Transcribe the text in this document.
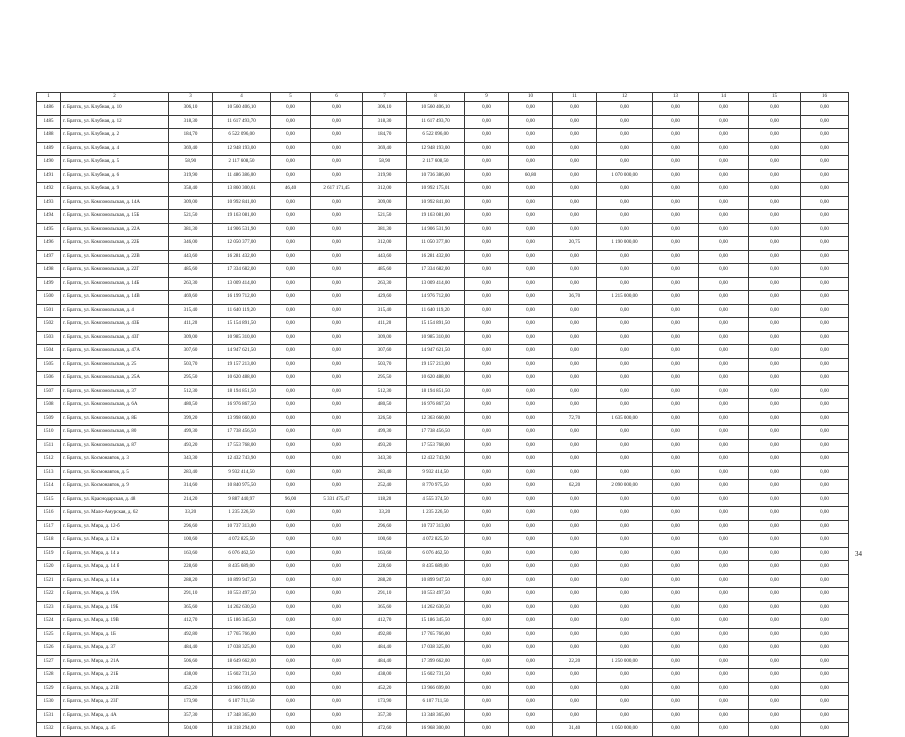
1	2	3	4	5	6	7	8	9	10	11	12	13	14	15	16
1486	г. Братск, ул. Клубная, д. 10	306,10	10 560 406,10	0,00	0,00	306,10	10 560 406,10	0,00	0,00	0,00	0,00	0,00	0,00	0,00	0,00
1485	г. Братск, ул. Клубная, д. 12	318,30	11 617 493,70	0,00	0,00	318,30	11 617 493,70	0,00	0,00	0,00	0,00	0,00	0,00	0,00	0,00
1488	г. Братск, ул. Клубная, д. 2	184,70	6 522 096,00	0,00	0,00	184,70	6 522 096,00	0,00	0,00	0,00	0,00	0,00	0,00	0,00	0,00
1489	г. Братск, ул. Клубная, д. 4	369,40	12 948 193,00	0,00	0,00	369,40	12 948 193,00	0,00	0,00	0,00	0,00	0,00	0,00	0,00	0,00
1490	г. Братск, ул. Клубная, д. 5	58,90	2 117 608,50	0,00	0,00	58,90	2 117 608,50	0,00	0,00	0,00	0,00	0,00	0,00	0,00	0,00
1491	г. Братск, ул. Клубная, д. 6	319,90	11 486 386,00	0,00	0,00	319,90	10 736 386,00	0,00	60,80	0,00	1 070 000,00	0,00	0,00	0,00	0,00
1492	г. Братск, ул. Клубная, д. 9	358,40	13 860 300,61	46,40	2 617 171,45	312,00	10 992 175,01	0,00	0,00	0,00	0,00	0,00	0,00	0,00	0,00
1493	г. Братск, ул. Комсомольская, д. 14А	309,00	10 992 841,00	0,00	0,00	309,00	10 992 841,00	0,00	0,00	0,00	0,00	0,00	0,00	0,00	0,00
1494	г. Братск, ул. Комсомольская, д. 15Б	521,50	19 163 081,00	0,00	0,00	521,50	19 163 081,00	0,00	0,00	0,00	0,00	0,00	0,00	0,00	0,00
1495	г. Братск, ул. Комсомольская, д. 22А	381,30	14 906 531,90	0,00	0,00	381,30	14 906 531,90	0,00	0,00	0,00	0,00	0,00	0,00	0,00	0,00
1496	г. Братск, ул. Комсомольская, д. 22Б	346,00	12 050 377,00	0,00	0,00	312,00	11 050 377,00	0,00	0,00	20,75	1 190 000,00	0,00	0,00	0,00	0,00
1497	г. Братск, ул. Комсомольская, д. 22В	443,60	16 281 432,00	0,00	0,00	443,60	16 281 432,00	0,00	0,00	0,00	0,00	0,00	0,00	0,00	0,00
1498	г. Братск, ул. Комсомольская, д. 22Г	485,60	17 334 682,00	0,00	0,00	485,60	17 334 682,00	0,00	0,00	0,00	0,00	0,00	0,00	0,00	0,00
1499	г. Братск, ул. Комсомольская, д. 14Б	263,30	13 009 414,00	0,00	0,00	263,30	13 009 414,00	0,00	0,00	0,00	0,00	0,00	0,00	0,00	0,00
1500	г. Братск, ул. Комсомольская, д. 14В	469,60	16 199 712,00	0,00	0,00	429,60	14 976 712,00	0,00	0,00	36,70	1 215 000,00	0,00	0,00	0,00	0,00
1501	г. Братск, ул. Комсомольская, д. 4	315,40	11 640 119,20	0,00	0,00	315,40	11 640 119,20	0,00	0,00	0,00	0,00	0,00	0,00	0,00	0,00
1502	г. Братск, ул. Комсомольская, д. 43Б	411,20	15 154 891,50	0,00	0,00	411,20	15 154 891,50	0,00	0,00	0,00	0,00	0,00	0,00	0,00	0,00
1503	г. Братск, ул. Комсомольская, д. 43Г	309,00	10 985 310,00	0,00	0,00	309,00	10 985 310,00	0,00	0,00	0,00	0,00	0,00	0,00	0,00	0,00
1504	г. Братск, ул. Комсомольская, д. 47А	307,60	14 947 621,50	0,00	0,00	307,60	14 947 621,50	0,00	0,00	0,00	0,00	0,00	0,00	0,00	0,00
1505	г. Братск, ул. Комсомольская, д. 25	503,70	19 157 213,00	0,00	0,00	503,70	19 157 213,00	0,00	0,00	0,00	0,00	0,00	0,00	0,00	0,00
1506	г. Братск, ул. Комсомольская, д. 25А	295,50	10 620 488,00	0,00	0,00	295,50	10 620 488,00	0,00	0,00	0,00	0,00	0,00	0,00	0,00	0,00
1507	г. Братск, ул. Комсомольская, д. 37	512,30	18 194 851,50	0,00	0,00	512,30	18 194 851,50	0,00	0,00	0,00	0,00	0,00	0,00	0,00	0,00
1508	г. Братск, ул. Комсомольская, д. 6А	480,50	16 976 867,50	0,00	0,00	480,50	16 976 867,50	0,00	0,00	0,00	0,00	0,00	0,00	0,00	0,00
1509	г. Братск, ул. Комсомольская, д. 8Б	399,20	13 998 660,00	0,00	0,00	326,50	12 363 660,00	0,00	0,00	72,70	1 635 000,00	0,00	0,00	0,00	0,00
1510	г. Братск, ул. Комсомольская, д. 80	499,30	17 738 456,50	0,00	0,00	499,30	17 738 456,50	0,00	0,00	0,00	0,00	0,00	0,00	0,00	0,00
1511	г. Братск, ул. Комсомольская, д. 87	493,20	17 553 768,00	0,00	0,00	493,20	17 553 768,00	0,00	0,00	0,00	0,00	0,00	0,00	0,00	0,00
1512	г. Братск, ул. Космонавтов, д. 3	343,30	12 432 743,90	0,00	0,00	343,30	12 432 743,90	0,00	0,00	0,00	0,00	0,00	0,00	0,00	0,00
1513	г. Братск, ул. Космонавтов, д. 5	283,40	9 932 414,50	0,00	0,00	283,40	9 932 414,50	0,00	0,00	0,00	0,00	0,00	0,00	0,00	0,00
1514	г. Братск, ул. Космонавтов, д. 9	314,60	10 840 975,50	0,00	0,00	252,40	8 770 975,50	0,00	0,00	62,20	2 090 000,00	0,00	0,00	0,00	0,00
1515	г. Братск, ул. Краснодарская, д. 48	214,20	9 887 440,97	96,00	5 331 475,47	118,20	4 555 374,50	0,00	0,00	0,00	0,00	0,00	0,00	0,00	0,00
1516	г. Братск, ул. Мало-Амурская, д. 62	33,20	1 235 226,50	0,00	0,00	33,20	1 235 226,50	0,00	0,00	0,00	0,00	0,00	0,00	0,00	0,00
1517	г. Братск, ул. Мира, д. 12-б	296,60	10 737 313,00	0,00	0,00	296,60	10 737 313,00	0,00	0,00	0,00	0,00	0,00	0,00	0,00	0,00
1518	г. Братск, ул. Мира, д. 12 в	100,60	4 072 825,50	0,00	0,00	100,60	4 072 825,50	0,00	0,00	0,00	0,00	0,00	0,00	0,00	0,00
1519	г. Братск, ул. Мира, д. 14 а	163,60	6 076 462,50	0,00	0,00	163,60	6 076 462,50	0,00	0,00	0,00	0,00	0,00	0,00	0,00	0,00
1520	г. Братск, ул. Мира, д. 14 б	228,60	8 435 689,00	0,00	0,00	228,60	8 435 689,00	0,00	0,00	0,00	0,00	0,00	0,00	0,00	0,00
1521	г. Братск, ул. Мира, д. 14 в	288,20	10 899 947,50	0,00	0,00	288,20	10 899 947,50	0,00	0,00	0,00	0,00	0,00	0,00	0,00	0,00
1522	г. Братск, ул. Мира, д. 19А	291,10	10 553 497,50	0,00	0,00	291,10	10 553 497,50	0,00	0,00	0,00	0,00	0,00	0,00	0,00	0,00
1523	г. Братск, ул. Мира, д. 19Б	365,60	14 262 630,50	0,00	0,00	365,60	14 262 630,50	0,00	0,00	0,00	0,00	0,00	0,00	0,00	0,00
1524	г. Братск, ул. Мира, д. 19В	412,70	15 186 345,50	0,00	0,00	412,70	15 186 345,50	0,00	0,00	0,00	0,00	0,00	0,00	0,00	0,00
1525	г. Братск, ул. Мира, д. 1Б	492,80	17 765 766,00	0,00	0,00	492,80	17 765 766,00	0,00	0,00	0,00	0,00	0,00	0,00	0,00	0,00
1526	г. Братск, ул. Мира, д. 37	484,40	17 038 325,00	0,00	0,00	484,40	17 038 325,00	0,00	0,00	0,00	0,00	0,00	0,00	0,00	0,00
1527	г. Братск, ул. Мира, д. 21А	506,60	18 649 662,00	0,00	0,00	484,40	17 399 662,00	0,00	0,00	22,20	1 250 000,00	0,00	0,00	0,00	0,00
1528	г. Братск, ул. Мира, д. 21Б	438,00	15 602 731,50	0,00	0,00	438,00	15 602 731,50	0,00	0,00	0,00	0,00	0,00	0,00	0,00	0,00
1529	г. Братск, ул. Мира, д. 21В	452,20	13 966 699,00	0,00	0,00	452,20	13 966 699,00	0,00	0,00	0,00	0,00	0,00	0,00	0,00	0,00
1530	г. Братск, ул. Мира, д. 23Г	173,90	6 107 711,50	0,00	0,00	173,90	6 107 711,50	0,00	0,00	0,00	0,00	0,00	0,00	0,00	0,00
1531	г. Братск, ул. Мира, д. 4А	357,30	17 348 365,00	0,00	0,00	357,30	13 348 365,00	0,00	0,00	0,00	0,00	0,00	0,00	0,00	0,00
1532	г. Братск, ул. Мира, д. 45	504,00	18 318 294,00	0,00	0,00	472,60	16 968 300,00	0,00	0,00	31,40	1 050 000,00	0,00	0,00	0,00	0,00
34
